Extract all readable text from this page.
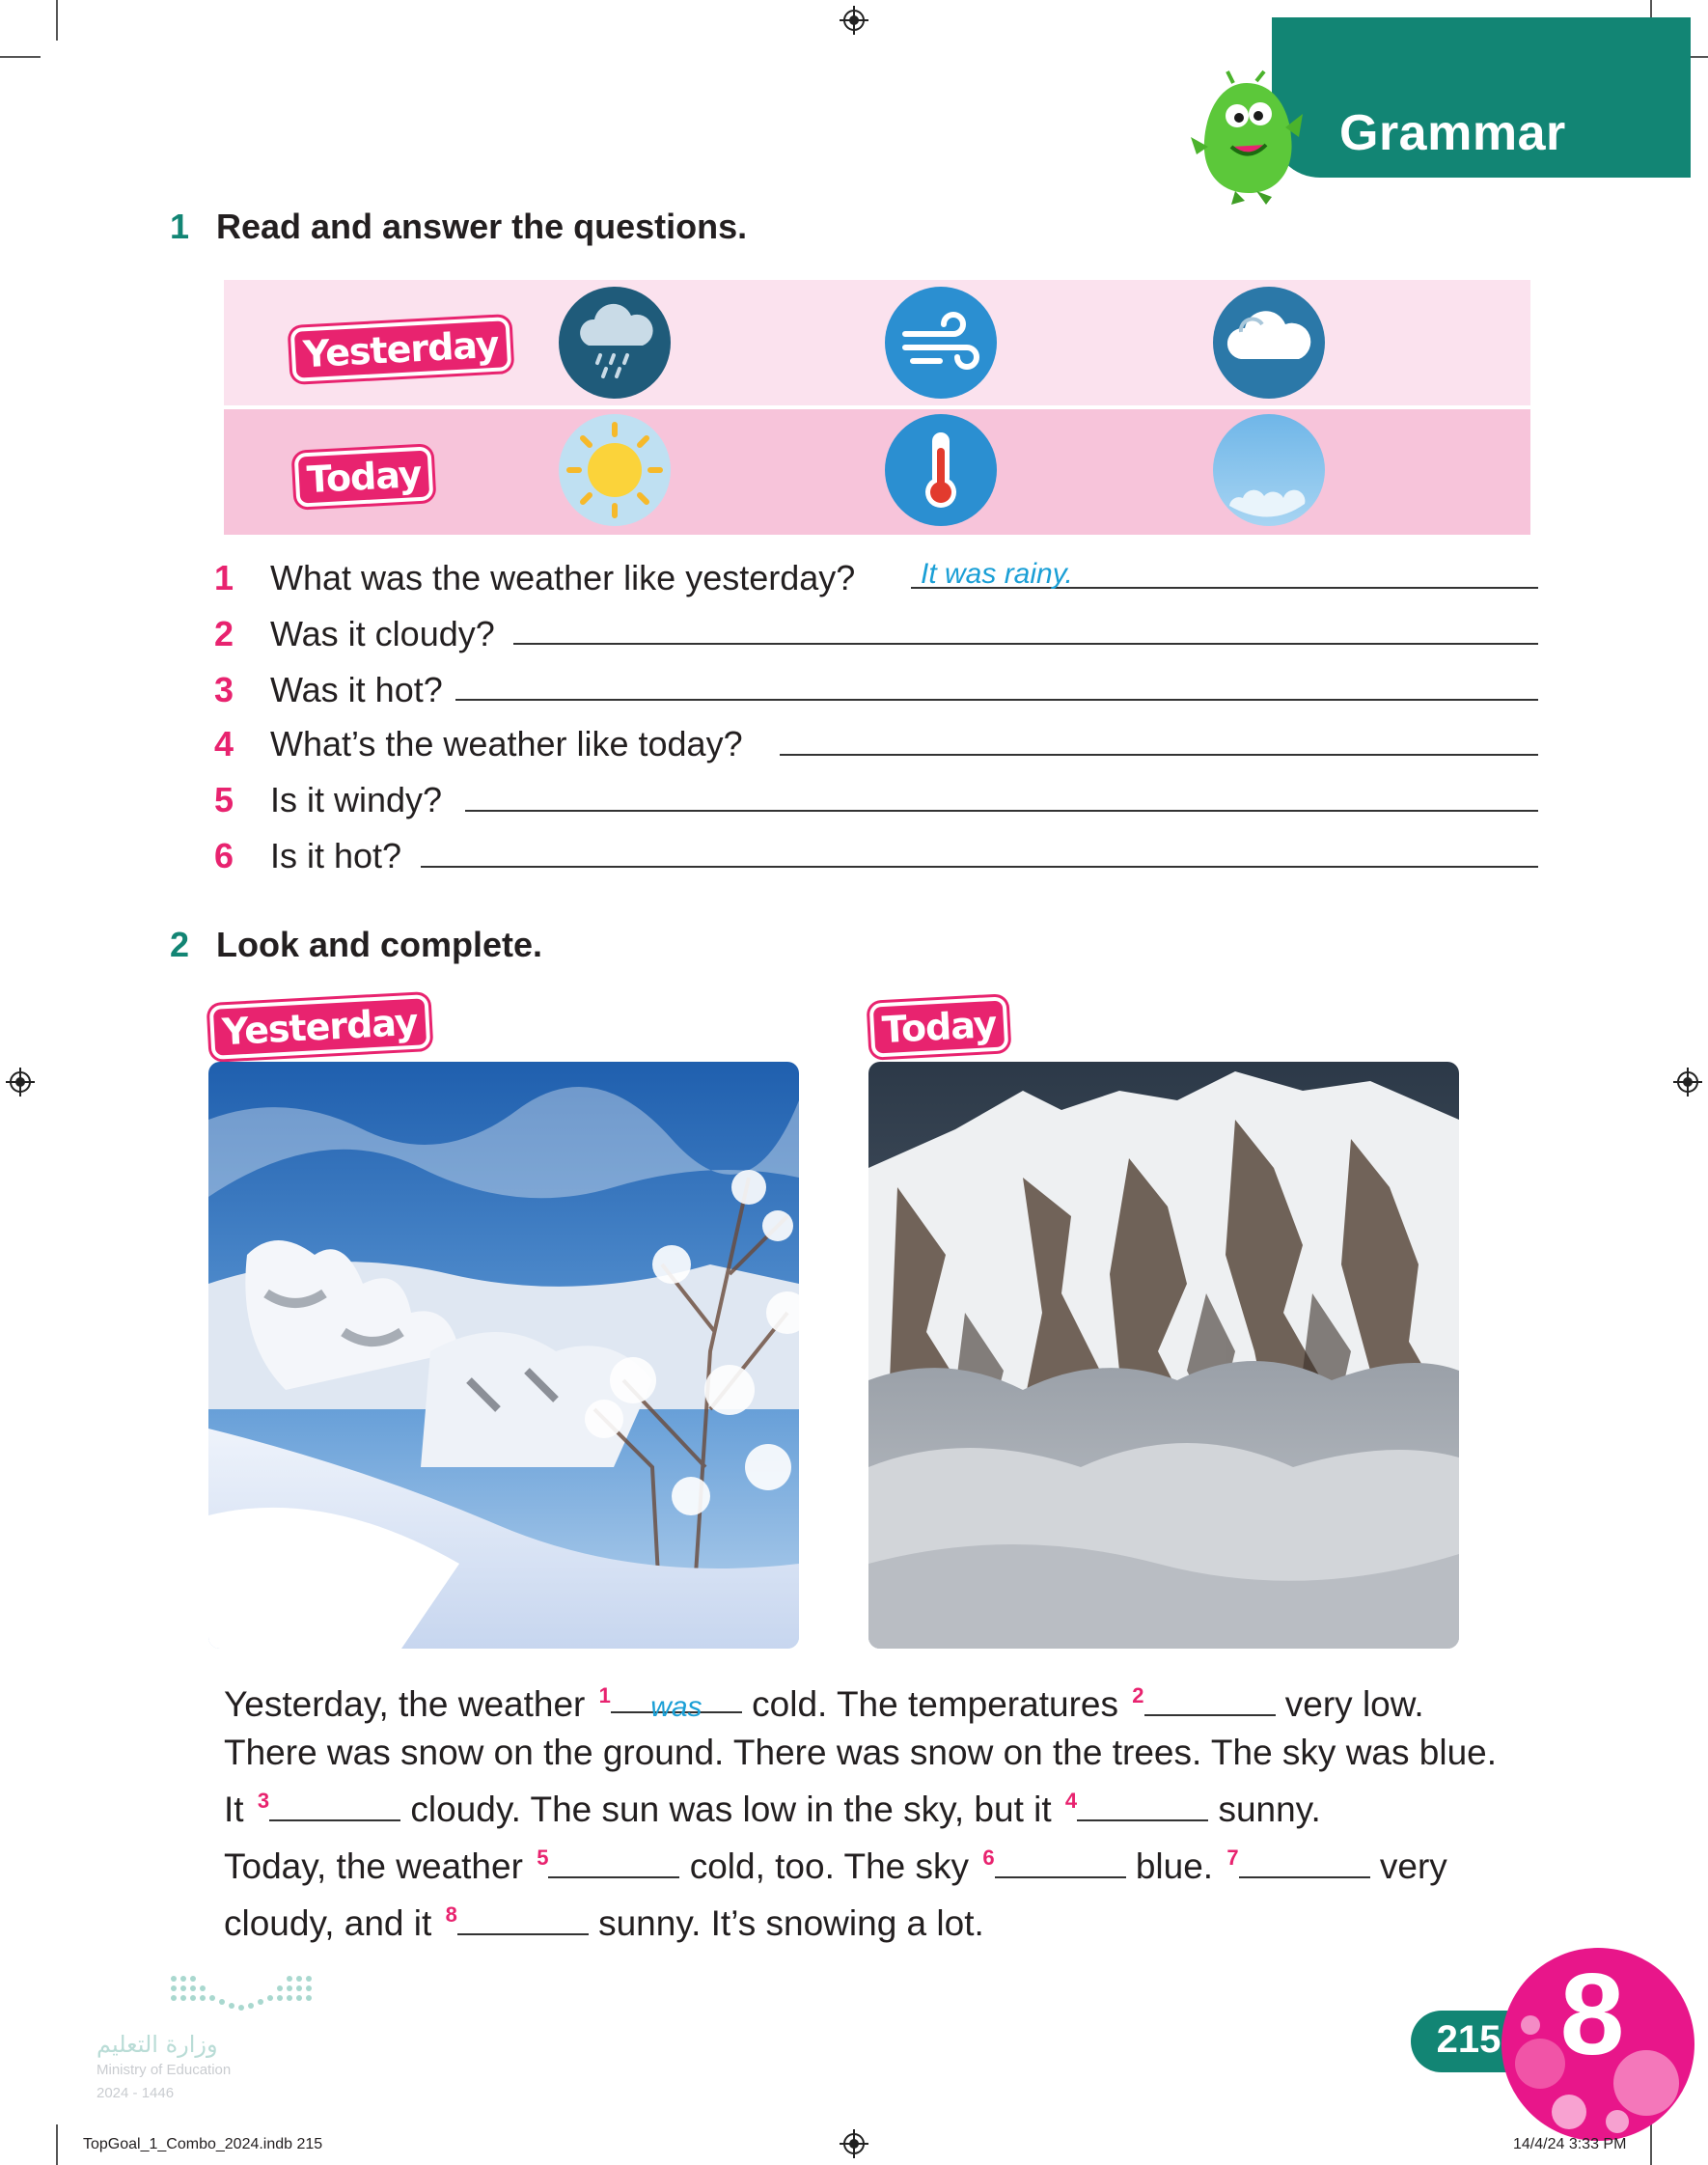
Grammar
1 Read and answer the questions.
Yesterday
Today
1 What was the weather like yesterday? It was rainy.
2 Was it cloudy?
3 Was it hot?
4 What’s the weather like today?
5 Is it windy?
6 Is it hot?
2 Look and complete.
Yesterday	Today
Yesterday, the weather $^1$ was cold. The temperatures $^2$	very low.
There was snow on the ground. There was snow on the trees. The sky was blue.
It $^3$	cloudy. The sun was low in the sky, but it $^4$	sunny.
Today, the weather $^5$	cold, too. The sky $^6$	blue. $^7$	very
cloudy, and it $^8$	sunny. It’s snowing a lot.
وزارة التعليم
Ministry of Education
2024 - 1446
215 8
TopGoal_1_Combo_2024.indb 215	14/4/24 3:33 PM
